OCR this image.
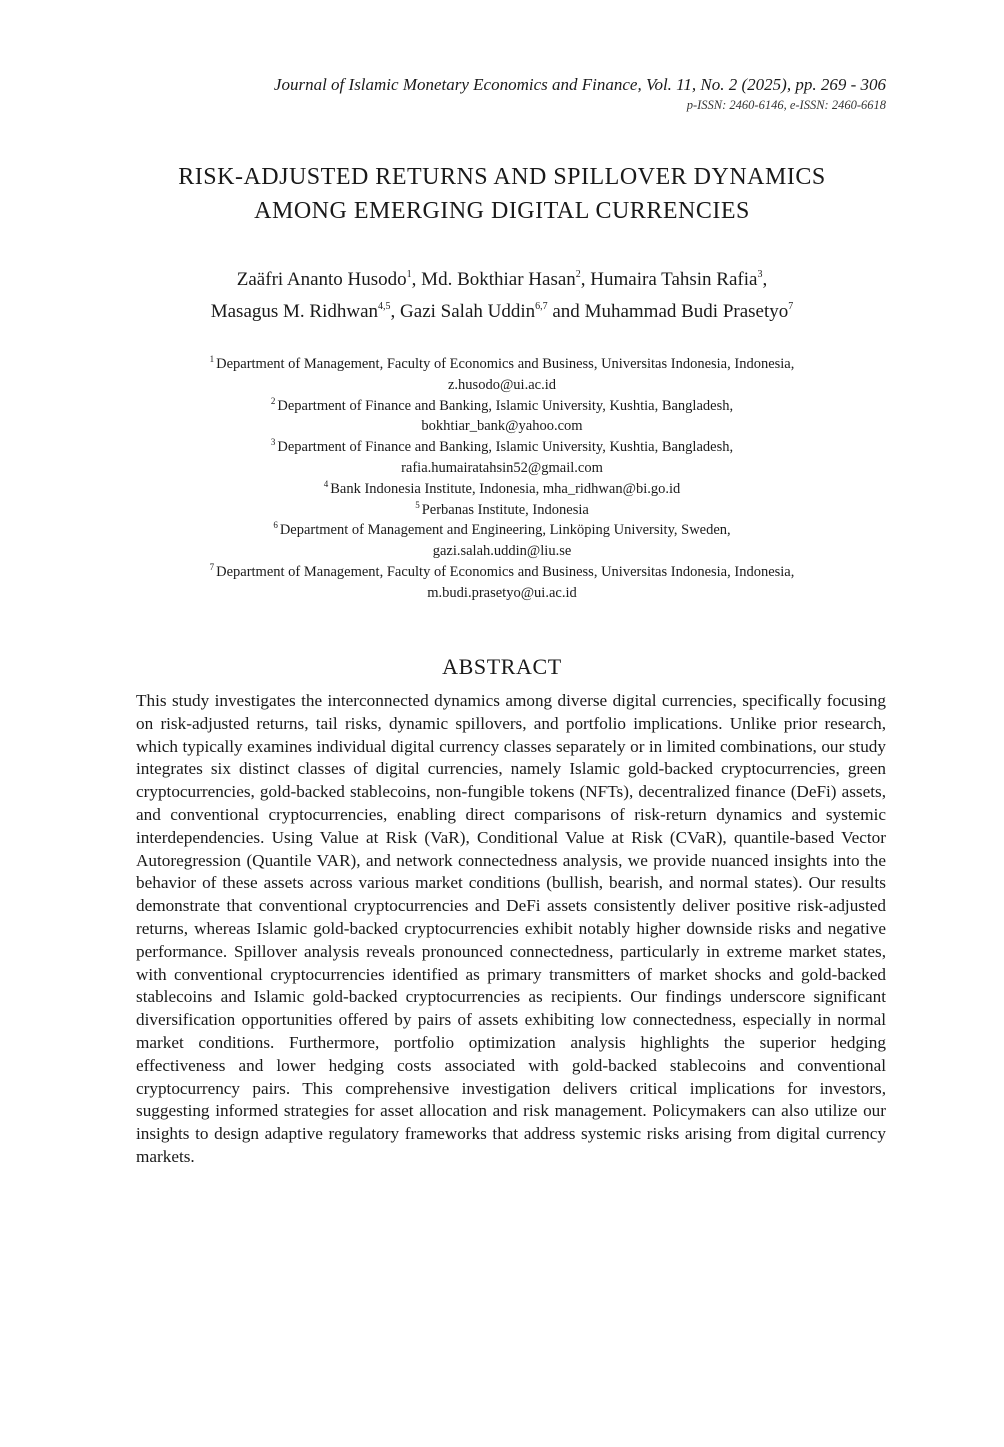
Journal of Islamic Monetary Economics and Finance, Vol. 11, No. 2 (2025), pp. 269 - 306
p-ISSN: 2460-6146, e-ISSN: 2460-6618
RISK-ADJUSTED RETURNS AND SPILLOVER DYNAMICS
AMONG EMERGING DIGITAL CURRENCIES
Zaäfri Ananto Husodo$^1$, Md. Bokthiar Hasan$^2$, Humaira Tahsin Rafia$^3$,
Masagus M. Ridhwan$^{4,5}$, Gazi Salah Uddin$^{6,7}$ and Muhammad Budi Prasetyo$^7$
$^1$ Department of Management, Faculty of Economics and Business, Universitas Indonesia, Indonesia,
z.husodo@ui.ac.id
$^2$ Department of Finance and Banking, Islamic University, Kushtia, Bangladesh,
bokhtiar_bank@yahoo.com
$^3$ Department of Finance and Banking, Islamic University, Kushtia, Bangladesh,
rafia.humairatahsin52@gmail.com
$^4$ Bank Indonesia Institute, Indonesia, mha_ridhwan@bi.go.id
$^5$ Perbanas Institute, Indonesia
$^6$ Department of Management and Engineering, Linköping University, Sweden,
gazi.salah.uddin@liu.se
$^7$ Department of Management, Faculty of Economics and Business, Universitas Indonesia, Indonesia,
m.budi.prasetyo@ui.ac.id
ABSTRACT
This study investigates the interconnected dynamics among diverse digital currencies, specifically focusing on risk-adjusted returns, tail risks, dynamic spillovers, and portfolio implications. Unlike prior research, which typically examines individual digital currency classes separately or in limited combinations, our study integrates six distinct classes of digital currencies, namely Islamic gold-backed cryptocurrencies, green cryptocurrencies, gold-backed stablecoins, non-fungible tokens (NFTs), decentralized finance (DeFi) assets, and conventional cryptocurrencies, enabling direct comparisons of risk-return dynamics and systemic interdependencies. Using Value at Risk (VaR), Conditional Value at Risk (CVaR), quantile-based Vector Autoregression (Quantile VAR), and network connectedness analysis, we provide nuanced insights into the behavior of these assets across various market conditions (bullish, bearish, and normal states). Our results demonstrate that conventional cryptocurrencies and DeFi assets consistently deliver positive risk-adjusted returns, whereas Islamic gold-backed cryptocurrencies exhibit notably higher downside risks and negative performance. Spillover analysis reveals pronounced connectedness, particularly in extreme market states, with conventional cryptocurrencies identified as primary transmitters of market shocks and gold-backed stablecoins and Islamic gold-backed cryptocurrencies as recipients. Our findings underscore significant diversification opportunities offered by pairs of assets exhibiting low connectedness, especially in normal market conditions. Furthermore, portfolio optimization analysis highlights the superior hedging effectiveness and lower hedging costs associated with gold-backed stablecoins and conventional cryptocurrency pairs. This comprehensive investigation delivers critical implications for investors, suggesting informed strategies for asset allocation and risk management. Policymakers can also utilize our insights to design adaptive regulatory frameworks that address systemic risks arising from digital currency markets.
